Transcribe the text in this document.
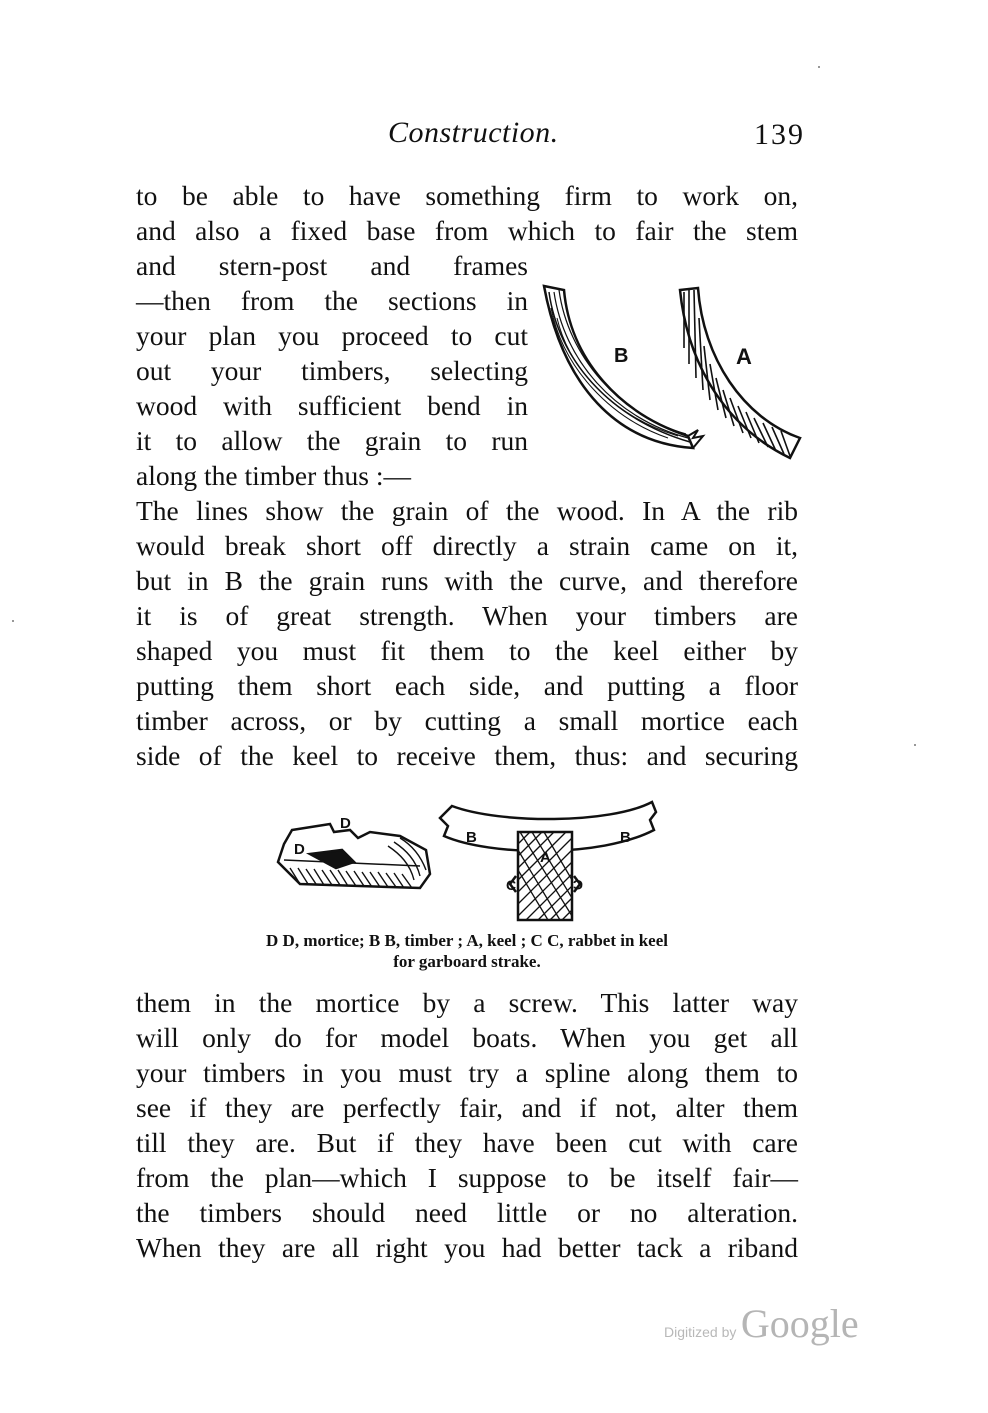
Construction.	139
to be able to have something firm to work on,
and also a fixed base from which to fair the stem
and stern-post and frames
—then from the sections in
your plan you proceed to cut
out your timbers, selecting
wood with sufficient bend in
it to allow the grain to run
along the timber thus :—
The lines show the grain of the wood. In A the rib
would break short off directly a strain came on it,
but in B the grain runs with the curve, and therefore
it is of great strength. When your timbers are
shaped you must fit them to the keel either by
putting them short each side, and putting a floor
timber across, or by cutting a small mortice each
side of the keel to receive them, thus: and securing
B	A
D
D
B	B
A
C	C
D D, mortice; B B, timber ; A, keel ; C C, rabbet in keel
for garboard strake.
them in the mortice by a screw. This latter way
will only do for model boats. When you get all
your timbers in you must try a spline along them to
see if they are perfectly fair, and if not, alter them
till they are. But if they have been cut with care
from the plan—which I suppose to be itself fair—
the timbers should need little or no alteration.
When they are all right you had better tack a riband
Digitized by Google
